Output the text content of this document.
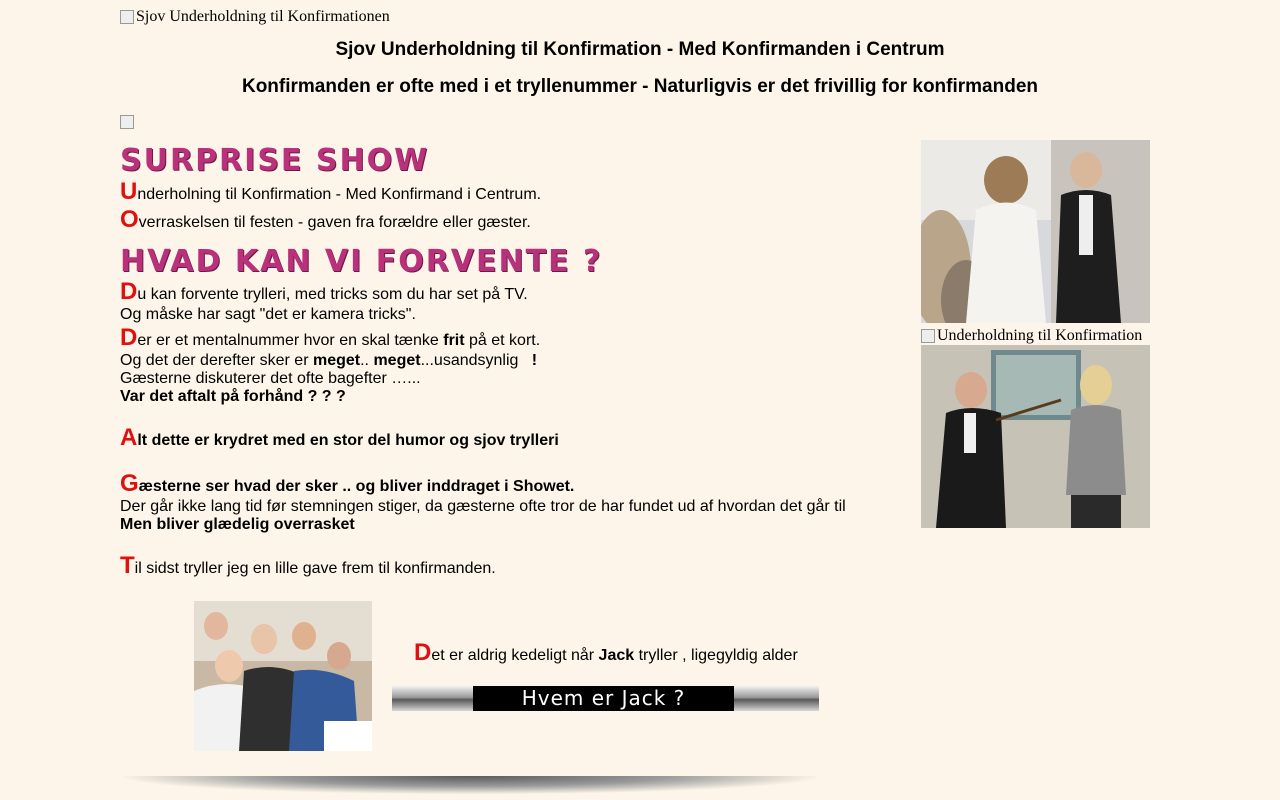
Sjov Underholdning til Konfirmationen
Sjov Underholdning til Konfirmation - Med Konfirmanden i Centrum
Konfirmanden er ofte med i et tryllenummer - Naturligvis er det frivillig for konfirmanden
SURPRISE SHOW
Underholning til Konfirmation - Med Konfirmand i Centrum.
Overraskelsen til festen - gaven fra forældre eller gæster.
HVAD KAN VI FORVENTE ?
Du kan forvente trylleri, med tricks som du har set på TV.
Og måske har sagt "det er kamera tricks".
Der er et mentalnummer hvor en skal tænke frit på et kort.
Og det der derefter sker er meget.. meget...usandsynlig   !
Gæsterne diskuterer det ofte bagefter …...
Var det aftalt på forhånd ? ? ?
Alt dette er krydret med en stor del humor og sjov trylleri
Gæsterne ser hvad der sker .. og bliver inddraget i Showet.
Der går ikke lang tid før stemningen stiger, da gæsterne ofte tror de har fundet ud af hvordan det går til
Men bliver glædelig overrasket
Til sidst tryller jeg en lille gave frem til konfirmanden.
Underholdning til Konfirmation
Det er aldrig kedeligt når Jack tryller , ligegyldig alder
Hvem er Jack ?
